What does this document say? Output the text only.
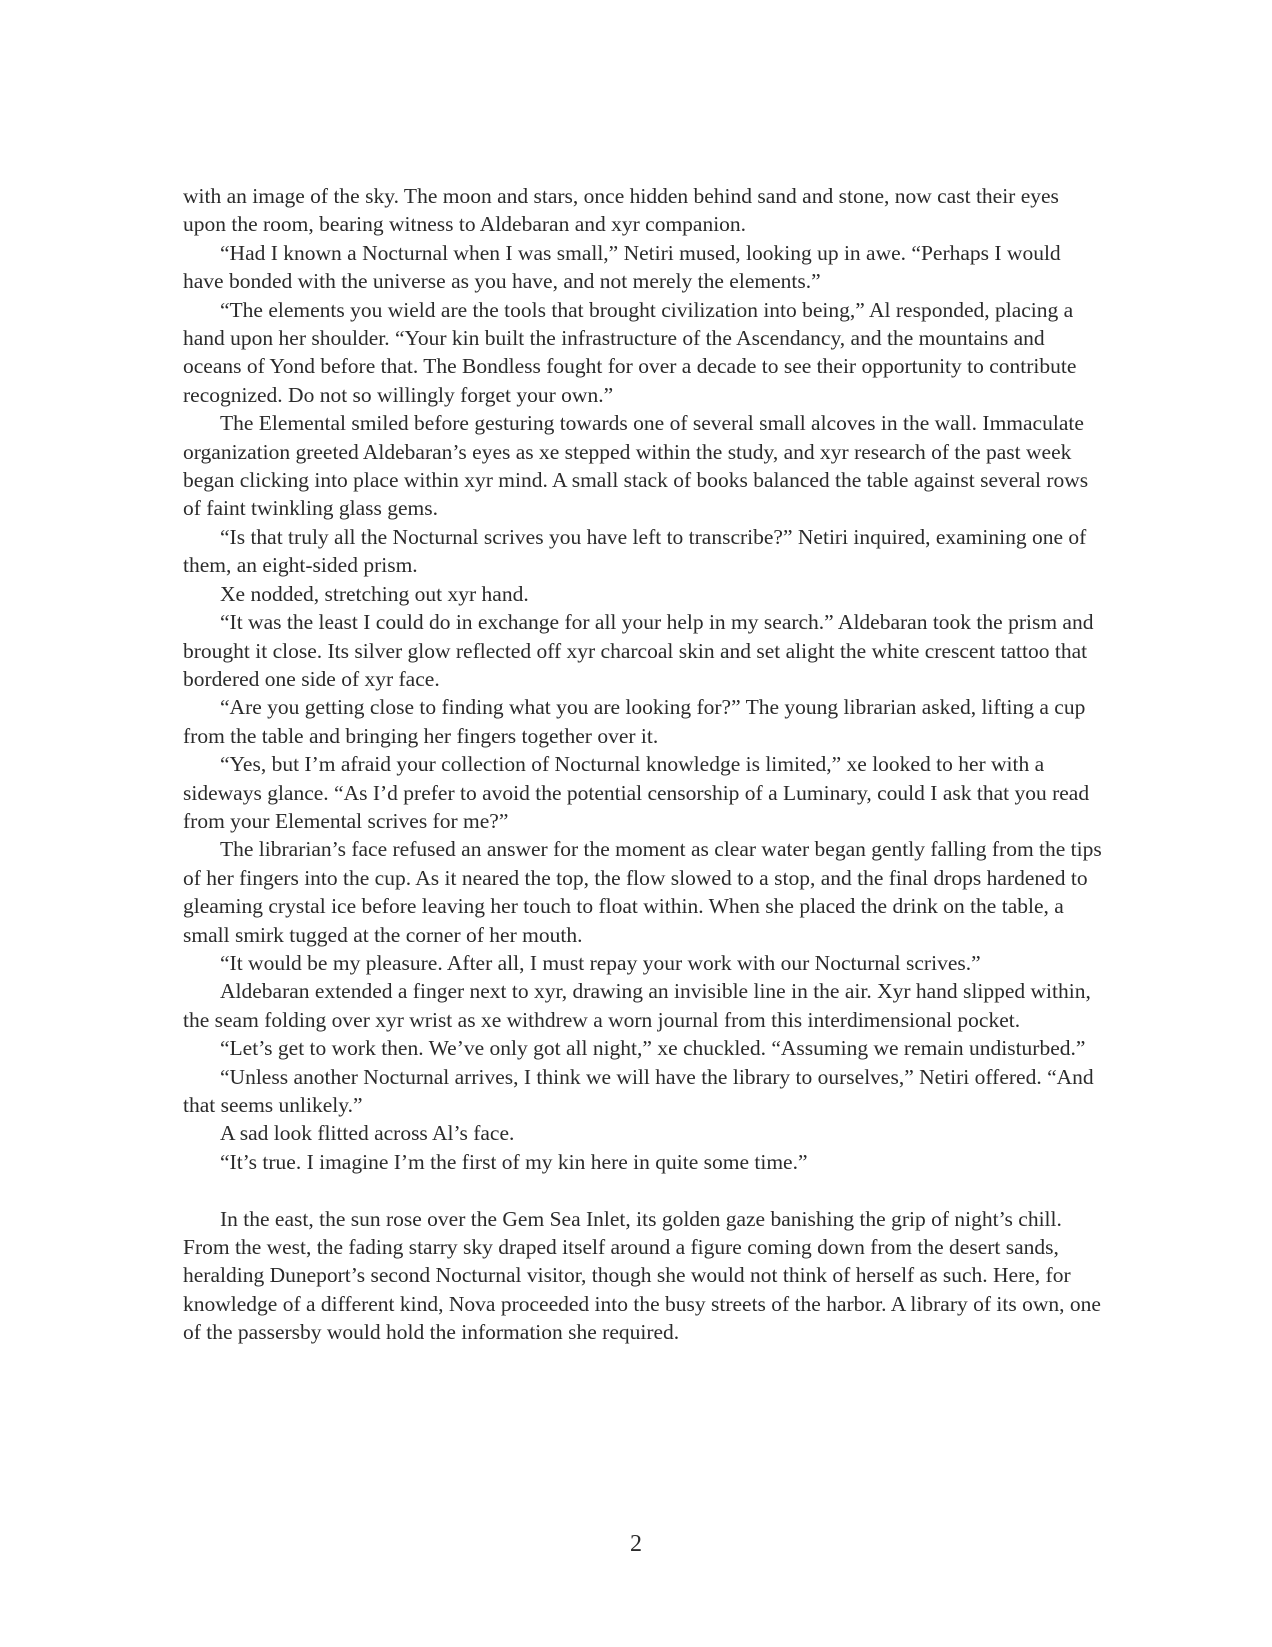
with an image of the sky. The moon and stars, once hidden behind sand and stone, now cast their eyes upon the room, bearing witness to Aldebaran and xyr companion.

“Had I known a Nocturnal when I was small,” Netiri mused, looking up in awe. “Perhaps I would have bonded with the universe as you have, and not merely the elements.”

“The elements you wield are the tools that brought civilization into being,” Al responded, placing a hand upon her shoulder. “Your kin built the infrastructure of the Ascendancy, and the mountains and oceans of Yond before that. The Bondless fought for over a decade to see their opportunity to contribute recognized. Do not so willingly forget your own.”

The Elemental smiled before gesturing towards one of several small alcoves in the wall. Immaculate organization greeted Aldebaran’s eyes as xe stepped within the study, and xyr research of the past week began clicking into place within xyr mind. A small stack of books balanced the table against several rows of faint twinkling glass gems.

“Is that truly all the Nocturnal scrives you have left to transcribe?” Netiri inquired, examining one of them, an eight-sided prism.

Xe nodded, stretching out xyr hand.

“It was the least I could do in exchange for all your help in my search.” Aldebaran took the prism and brought it close. Its silver glow reflected off xyr charcoal skin and set alight the white crescent tattoo that bordered one side of xyr face.

“Are you getting close to finding what you are looking for?” The young librarian asked, lifting a cup from the table and bringing her fingers together over it.

“Yes, but I’m afraid your collection of Nocturnal knowledge is limited,” xe looked to her with a sideways glance. “As I’d prefer to avoid the potential censorship of a Luminary, could I ask that you read from your Elemental scrives for me?”

The librarian’s face refused an answer for the moment as clear water began gently falling from the tips of her fingers into the cup. As it neared the top, the flow slowed to a stop, and the final drops hardened to gleaming crystal ice before leaving her touch to float within. When she placed the drink on the table, a small smirk tugged at the corner of her mouth.

“It would be my pleasure. After all, I must repay your work with our Nocturnal scrives.”

Aldebaran extended a finger next to xyr, drawing an invisible line in the air. Xyr hand slipped within, the seam folding over xyr wrist as xe withdrew a worn journal from this interdimensional pocket.

“Let’s get to work then. We’ve only got all night,” xe chuckled. “Assuming we remain undisturbed.”

“Unless another Nocturnal arrives, I think we will have the library to ourselves,” Netiri offered. “And that seems unlikely.”

A sad look flitted across Al’s face.

“It’s true. I imagine I’m the first of my kin here in quite some time.”

In the east, the sun rose over the Gem Sea Inlet, its golden gaze banishing the grip of night’s chill. From the west, the fading starry sky draped itself around a figure coming down from the desert sands, heralding Duneport’s second Nocturnal visitor, though she would not think of herself as such. Here, for knowledge of a different kind, Nova proceeded into the busy streets of the harbor. A library of its own, one of the passersby would hold the information she required.

2
